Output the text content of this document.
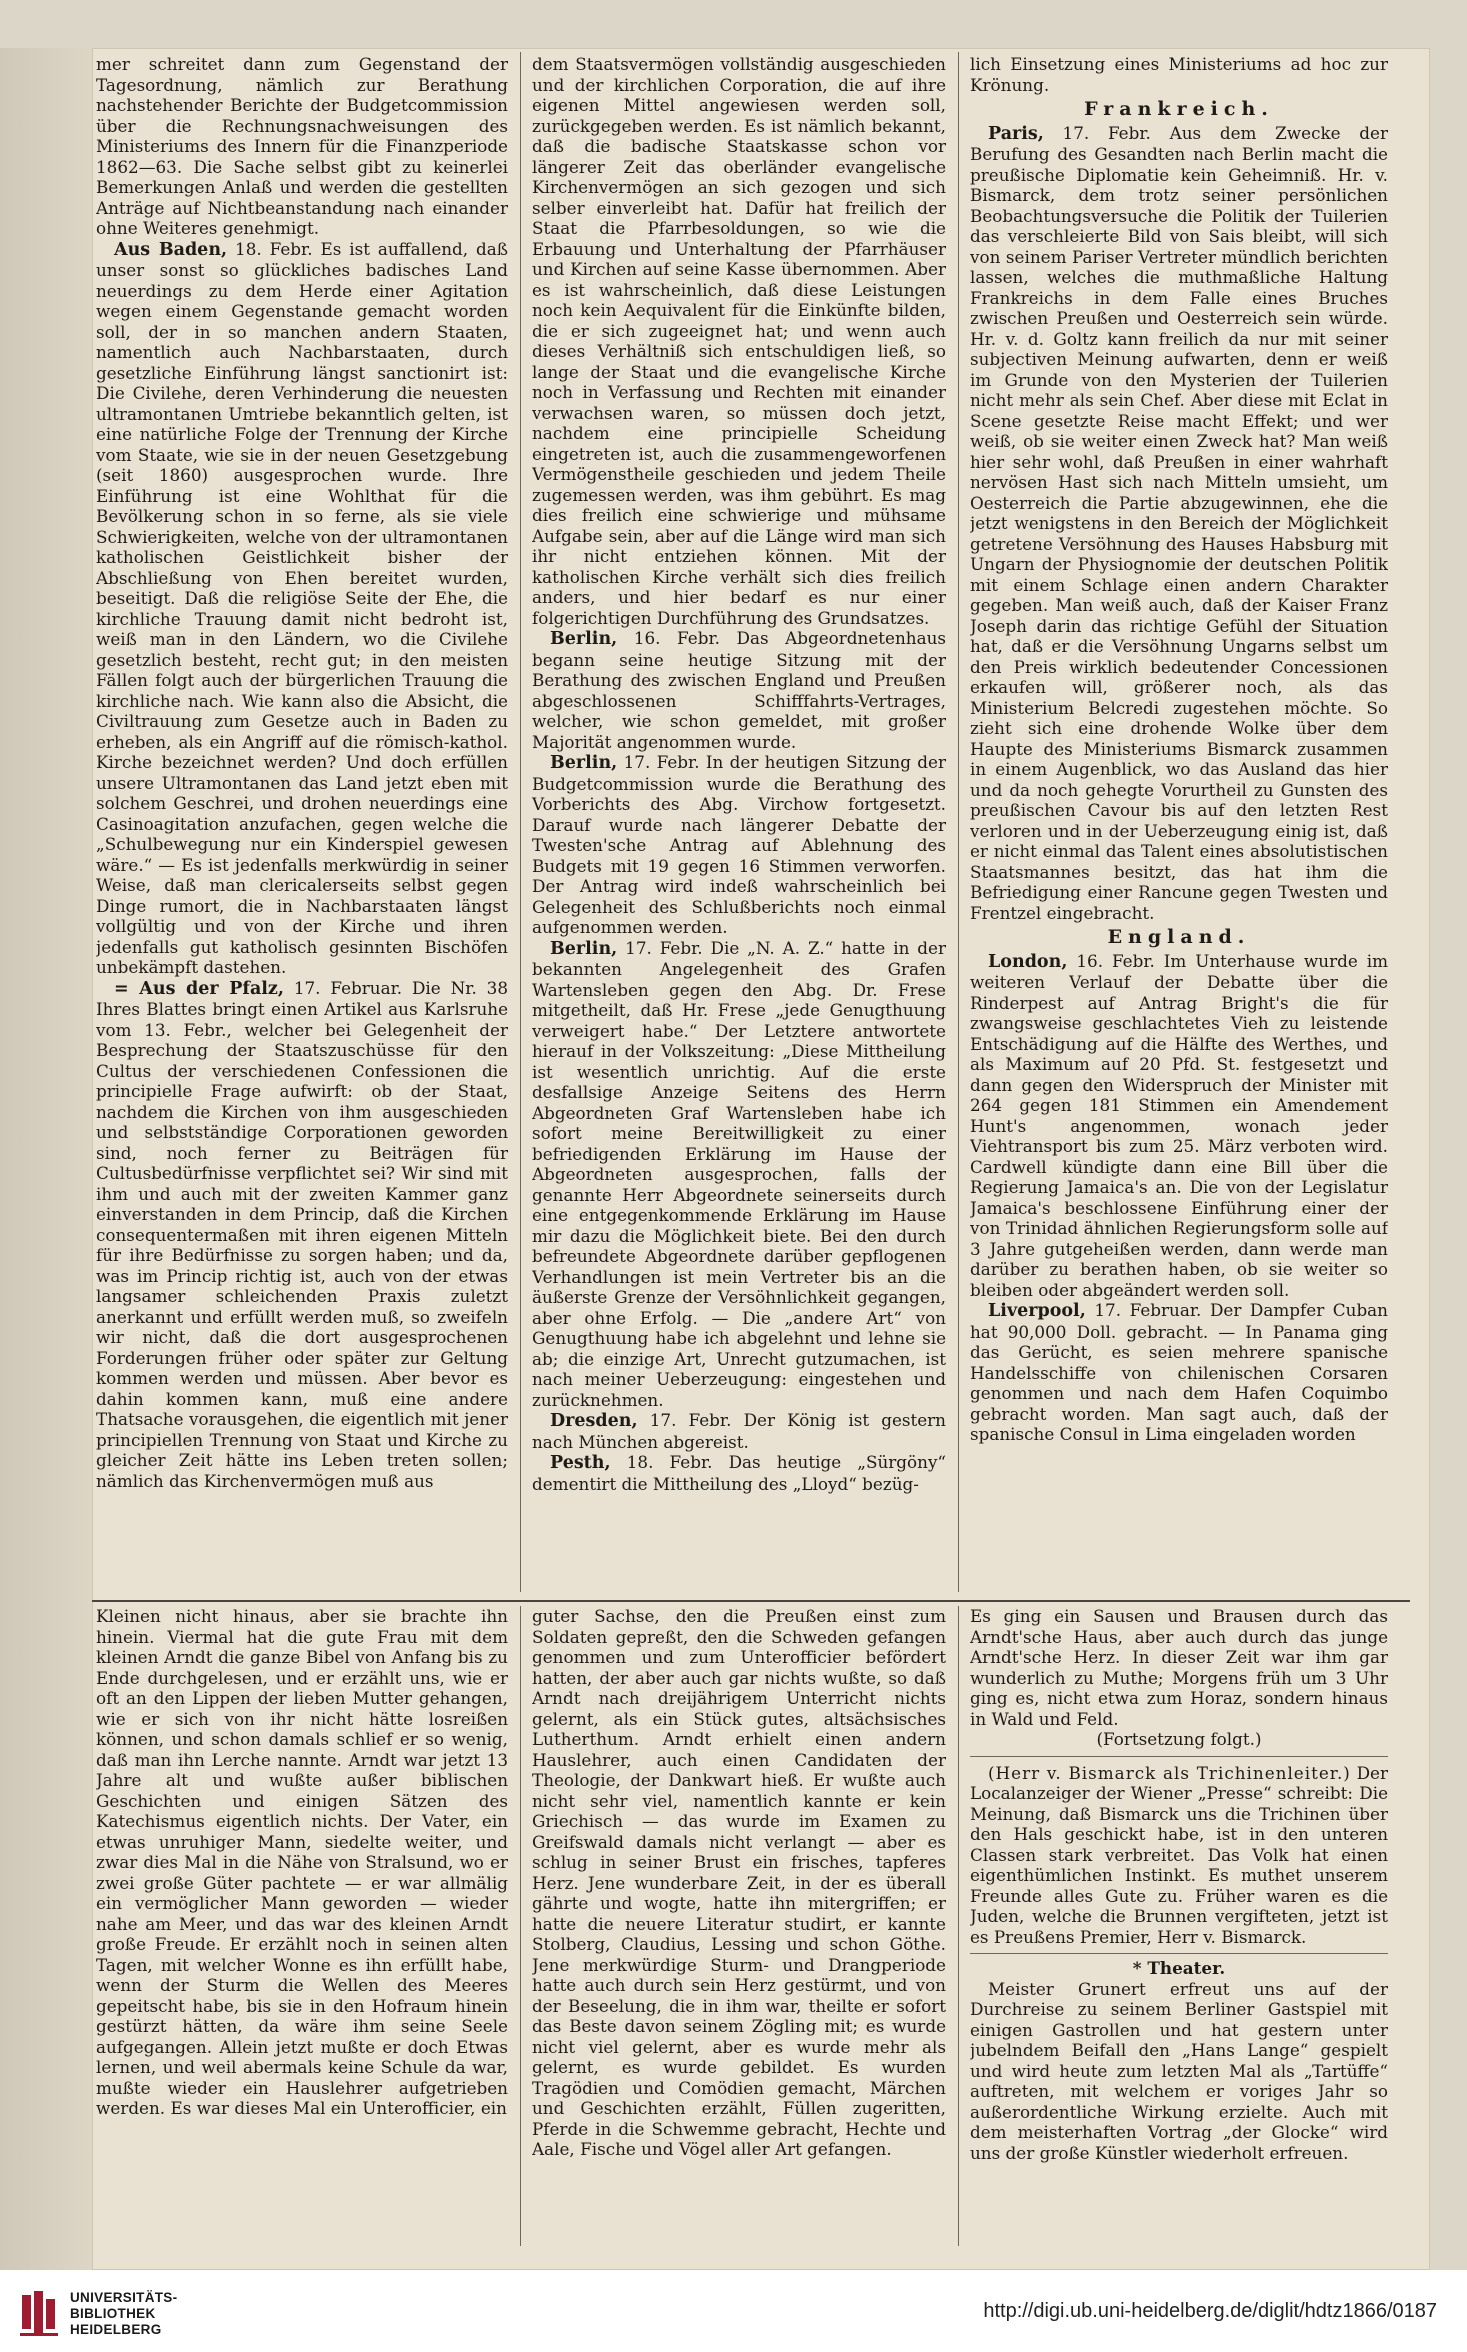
mer schreitet dann zum Gegenstand der Tagesordnung, nämlich zur Berathung nachstehender Berichte der Budgetcommission über die Rechnungsnachweisungen des Ministeriums des Innern für die Finanzperiode 1862—63. Die Sache selbst gibt zu keinerlei Bemerkungen Anlaß und werden die gestellten Anträge auf Nichtbeanstandung nach einander ohne Weiteres genehmigt.

Aus Baden, 18. Febr. Es ist auffallend, daß unser sonst so glückliches badisches Land neuerdings zu dem Herde einer Agitation wegen einem Gegenstande gemacht worden soll, der in so manchen andern Staaten, namentlich auch Nachbarstaaten, durch gesetzliche Einführung längst sanctionirt ist: Die Civilehe, deren Verhinderung die neuesten ultramontanen Umtriebe bekanntlich gelten, ist eine natürliche Folge der Trennung der Kirche vom Staate, wie sie in der neuen Gesetzgebung (seit 1860) ausgesprochen wurde. Ihre Einführung ist eine Wohlthat für die Bevölkerung schon in so ferne, als sie viele Schwierigkeiten, welche von der ultramontanen katholischen Geistlichkeit bisher der Abschließung von Ehen bereitet wurden, beseitigt. Daß die religiöse Seite der Ehe, die kirchliche Trauung damit nicht bedroht ist, weiß man in den Ländern, wo die Civilehe gesetzlich besteht, recht gut; in den meisten Fällen folgt auch der bürgerlichen Trauung die kirchliche nach. Wie kann also die Absicht, die Civiltrauung zum Gesetze auch in Baden zu erheben, als ein Angriff auf die römisch-kathol. Kirche bezeichnet werden? Und doch erfüllen unsere Ultramontanen das Land jetzt eben mit solchem Geschrei, und drohen neuerdings eine Casinoagitation anzufachen, gegen welche die „Schulbewegung nur ein Kinderspiel gewesen wäre.“ — Es ist jedenfalls merkwürdig in seiner Weise, daß man clericalerseits selbst gegen Dinge rumort, die in Nachbarstaaten längst vollgültig und von der Kirche und ihren jedenfalls gut katholisch gesinnten Bischöfen unbekämpft dastehen.

= Aus der Pfalz, 17. Februar. Die Nr. 38 Ihres Blattes bringt einen Artikel aus Karlsruhe vom 13. Febr., welcher bei Gelegenheit der Besprechung der Staatszuschüsse für den Cultus der verschiedenen Confessionen die principielle Frage aufwirft: ob der Staat, nachdem die Kirchen von ihm ausgeschieden und selbstständige Corporationen geworden sind, noch ferner zu Beiträgen für Cultusbedürfnisse verpflichtet sei? Wir sind mit ihm und auch mit der zweiten Kammer ganz einverstanden in dem Princip, daß die Kirchen consequentermaßen mit ihren eigenen Mitteln für ihre Bedürfnisse zu sorgen haben; und da, was im Princip richtig ist, auch von der etwas langsamer schleichenden Praxis zuletzt anerkannt und erfüllt werden muß, so zweifeln wir nicht, daß die dort ausgesprochenen Forderungen früher oder später zur Geltung kommen werden und müssen. Aber bevor es dahin kommen kann, muß eine andere Thatsache vorausgehen, die eigentlich mit jener principiellen Trennung von Staat und Kirche zu gleicher Zeit hätte ins Leben treten sollen; nämlich das Kirchenvermögen muß aus

dem Staatsvermögen vollständig ausgeschieden und der kirchlichen Corporation, die auf ihre eigenen Mittel angewiesen werden soll, zurückgegeben werden. Es ist nämlich bekannt, daß die badische Staatskasse schon vor längerer Zeit das oberländer evangelische Kirchenvermögen an sich gezogen und sich selber einverleibt hat. Dafür hat freilich der Staat die Pfarrbesoldungen, so wie die Erbauung und Unterhaltung der Pfarrhäuser und Kirchen auf seine Kasse übernommen. Aber es ist wahrscheinlich, daß diese Leistungen noch kein Aequivalent für die Einkünfte bilden, die er sich zugeeignet hat; und wenn auch dieses Verhältniß sich entschuldigen ließ, so lange der Staat und die evangelische Kirche noch in Verfassung und Rechten mit einander verwachsen waren, so müssen doch jetzt, nachdem eine principielle Scheidung eingetreten ist, auch die zusammengeworfenen Vermögenstheile geschieden und jedem Theile zugemessen werden, was ihm gebührt. Es mag dies freilich eine schwierige und mühsame Aufgabe sein, aber auf die Länge wird man sich ihr nicht entziehen können. Mit der katholischen Kirche verhält sich dies freilich anders, und hier bedarf es nur einer folgerichtigen Durchführung des Grundsatzes.

Berlin, 16. Febr. Das Abgeordnetenhaus begann seine heutige Sitzung mit der Berathung des zwischen England und Preußen abgeschlossenen Schifffahrts-Vertrages, welcher, wie schon gemeldet, mit großer Majorität angenommen wurde.

Berlin, 17. Febr. In der heutigen Sitzung der Budgetcommission wurde die Berathung des Vorberichts des Abg. Virchow fortgesetzt. Darauf wurde nach längerer Debatte der Twesten'sche Antrag auf Ablehnung des Budgets mit 19 gegen 16 Stimmen verworfen. Der Antrag wird indeß wahrscheinlich bei Gelegenheit des Schlußberichts noch einmal aufgenommen werden.

Berlin, 17. Febr. Die „N. A. Z.“ hatte in der bekannten Angelegenheit des Grafen Wartensleben gegen den Abg. Dr. Frese mitgetheilt, daß Hr. Frese „jede Genugthuung verweigert habe.“ Der Letztere antwortete hierauf in der Volkszeitung: „Diese Mittheilung ist wesentlich unrichtig. Auf die erste desfallsige Anzeige Seitens des Herrn Abgeordneten Graf Wartensleben habe ich sofort meine Bereitwilligkeit zu einer befriedigenden Erklärung im Hause der Abgeordneten ausgesprochen, falls der genannte Herr Abgeordnete seinerseits durch eine entgegenkommende Erklärung im Hause mir dazu die Möglichkeit biete. Bei den durch befreundete Abgeordnete darüber gepflogenen Verhandlungen ist mein Vertreter bis an die äußerste Grenze der Versöhnlichkeit gegangen, aber ohne Erfolg. — Die „andere Art“ von Genugthuung habe ich abgelehnt und lehne sie ab; die einzige Art, Unrecht gutzumachen, ist nach meiner Ueberzeugung: eingestehen und zurücknehmen.

Dresden, 17. Febr. Der König ist gestern nach München abgereist.

Pesth, 18. Febr. Das heutige „Sürgöny“ dementirt die Mittheilung des „Lloyd“ bezüg-

lich Einsetzung eines Ministeriums ad hoc zur Krönung.

Frankreich.

Paris, 17. Febr. Aus dem Zwecke der Berufung des Gesandten nach Berlin macht die preußische Diplomatie kein Geheimniß. Hr. v. Bismarck, dem trotz seiner persönlichen Beobachtungsversuche die Politik der Tuilerien das verschleierte Bild von Sais bleibt, will sich von seinem Pariser Vertreter mündlich berichten lassen, welches die muthmaßliche Haltung Frankreichs in dem Falle eines Bruches zwischen Preußen und Oesterreich sein würde. Hr. v. d. Goltz kann freilich da nur mit seiner subjectiven Meinung aufwarten, denn er weiß im Grunde von den Mysterien der Tuilerien nicht mehr als sein Chef. Aber diese mit Eclat in Scene gesetzte Reise macht Effekt; und wer weiß, ob sie weiter einen Zweck hat? Man weiß hier sehr wohl, daß Preußen in einer wahrhaft nervösen Hast sich nach Mitteln umsieht, um Oesterreich die Partie abzugewinnen, ehe die jetzt wenigstens in den Bereich der Möglichkeit getretene Versöhnung des Hauses Habsburg mit Ungarn der Physiognomie der deutschen Politik mit einem Schlage einen andern Charakter gegeben. Man weiß auch, daß der Kaiser Franz Joseph darin das richtige Gefühl der Situation hat, daß er die Versöhnung Ungarns selbst um den Preis wirklich bedeutender Concessionen erkaufen will, größerer noch, als das Ministerium Belcredi zugestehen möchte. So zieht sich eine drohende Wolke über dem Haupte des Ministeriums Bismarck zusammen in einem Augenblick, wo das Ausland das hier und da noch gehegte Vorurtheil zu Gunsten des preußischen Cavour bis auf den letzten Rest verloren und in der Ueberzeugung einig ist, daß er nicht einmal das Talent eines absolutistischen Staatsmannes besitzt, das hat ihm die Befriedigung einer Rancune gegen Twesten und Frentzel eingebracht.

England.

London, 16. Febr. Im Unterhause wurde im weiteren Verlauf der Debatte über die Rinderpest auf Antrag Bright's die für zwangsweise geschlachtetes Vieh zu leistende Entschädigung auf die Hälfte des Werthes, und als Maximum auf 20 Pfd. St. festgesetzt und dann gegen den Widerspruch der Minister mit 264 gegen 181 Stimmen ein Amendement Hunt's angenommen, wonach jeder Viehtransport bis zum 25. März verboten wird. Cardwell kündigte dann eine Bill über die Regierung Jamaica's an. Die von der Legislatur Jamaica's beschlossene Einführung einer der von Trinidad ähnlichen Regierungsform solle auf 3 Jahre gutgeheißen werden, dann werde man darüber zu berathen haben, ob sie weiter so bleiben oder abgeändert werden soll.

Liverpool, 17. Februar. Der Dampfer Cuban hat 90,000 Doll. gebracht. — In Panama ging das Gerücht, es seien mehrere spanische Handelsschiffe von chilenischen Corsaren genommen und nach dem Hafen Coquimbo gebracht worden. Man sagt auch, daß der spanische Consul in Lima eingeladen worden

Kleinen nicht hinaus, aber sie brachte ihn hinein. Viermal hat die gute Frau mit dem kleinen Arndt die ganze Bibel von Anfang bis zu Ende durchgelesen, und er erzählt uns, wie er oft an den Lippen der lieben Mutter gehangen, wie er sich von ihr nicht hätte losreißen können, und schon damals schlief er so wenig, daß man ihn Lerche nannte. Arndt war jetzt 13 Jahre alt und wußte außer biblischen Geschichten und einigen Sätzen des Katechismus eigentlich nichts. Der Vater, ein etwas unruhiger Mann, siedelte weiter, und zwar dies Mal in die Nähe von Stralsund, wo er zwei große Güter pachtete — er war allmälig ein vermöglicher Mann geworden — wieder nahe am Meer, und das war des kleinen Arndt große Freude. Er erzählt noch in seinen alten Tagen, mit welcher Wonne es ihn erfüllt habe, wenn der Sturm die Wellen des Meeres gepeitscht habe, bis sie in den Hofraum hinein gestürzt hätten, da wäre ihm seine Seele aufgegangen. Allein jetzt mußte er doch Etwas lernen, und weil abermals keine Schule da war, mußte wieder ein Hauslehrer aufgetrieben werden. Es war dieses Mal ein Unterofficier, ein

guter Sachse, den die Preußen einst zum Soldaten gepreßt, den die Schweden gefangen genommen und zum Unterofficier befördert hatten, der aber auch gar nichts wußte, so daß Arndt nach dreijährigem Unterricht nichts gelernt, als ein Stück gutes, altsächsisches Lutherthum. Arndt erhielt einen andern Hauslehrer, auch einen Candidaten der Theologie, der Dankwart hieß. Er wußte auch nicht sehr viel, namentlich kannte er kein Griechisch — das wurde im Examen zu Greifswald damals nicht verlangt — aber es schlug in seiner Brust ein frisches, tapferes Herz. Jene wunderbare Zeit, in der es überall gährte und wogte, hatte ihn mitergriffen; er hatte die neuere Literatur studirt, er kannte Stolberg, Claudius, Lessing und schon Göthe. Jene merkwürdige Sturm- und Drangperiode hatte auch durch sein Herz gestürmt, und von der Beseelung, die in ihm war, theilte er sofort das Beste davon seinem Zögling mit; es wurde nicht viel gelernt, aber es wurde mehr als gelernt, es wurde gebildet. Es wurden Tragödien und Comödien gemacht, Märchen und Geschichten erzählt, Füllen zugeritten, Pferde in die Schwemme gebracht, Hechte und Aale, Fische und Vögel aller Art gefangen.

Es ging ein Sausen und Brausen durch das Arndt'sche Haus, aber auch durch das junge Arndt'sche Herz. In dieser Zeit war ihm gar wunderlich zu Muthe; Morgens früh um 3 Uhr ging es, nicht etwa zum Horaz, sondern hinaus in Wald und Feld.

(Fortsetzung folgt.)

(Herr v. Bismarck als Trichinenleiter.) Der Localanzeiger der Wiener „Presse“ schreibt: Die Meinung, daß Bismarck uns die Trichinen über den Hals geschickt habe, ist in den unteren Classen stark verbreitet. Das Volk hat einen eigenthümlichen Instinkt. Es muthet unserem Freunde alles Gute zu. Früher waren es die Juden, welche die Brunnen vergifteten, jetzt ist es Preußens Premier, Herr v. Bismarck.

* Theater.

Meister Grunert erfreut uns auf der Durchreise zu seinem Berliner Gastspiel mit einigen Gastrollen und hat gestern unter jubelndem Beifall den „Hans Lange“ gespielt und wird heute zum letzten Mal als „Tartüffe“ auftreten, mit welchem er voriges Jahr so außerordentliche Wirkung erzielte. Auch mit dem meisterhaften Vortrag „der Glocke“ wird uns der große Künstler wiederholt erfreuen.

UNIVERSITÄTS-
BIBLIOTHEK
HEIDELBERG
http://digi.ub.uni-heidelberg.de/diglit/hdtz1866/0187
